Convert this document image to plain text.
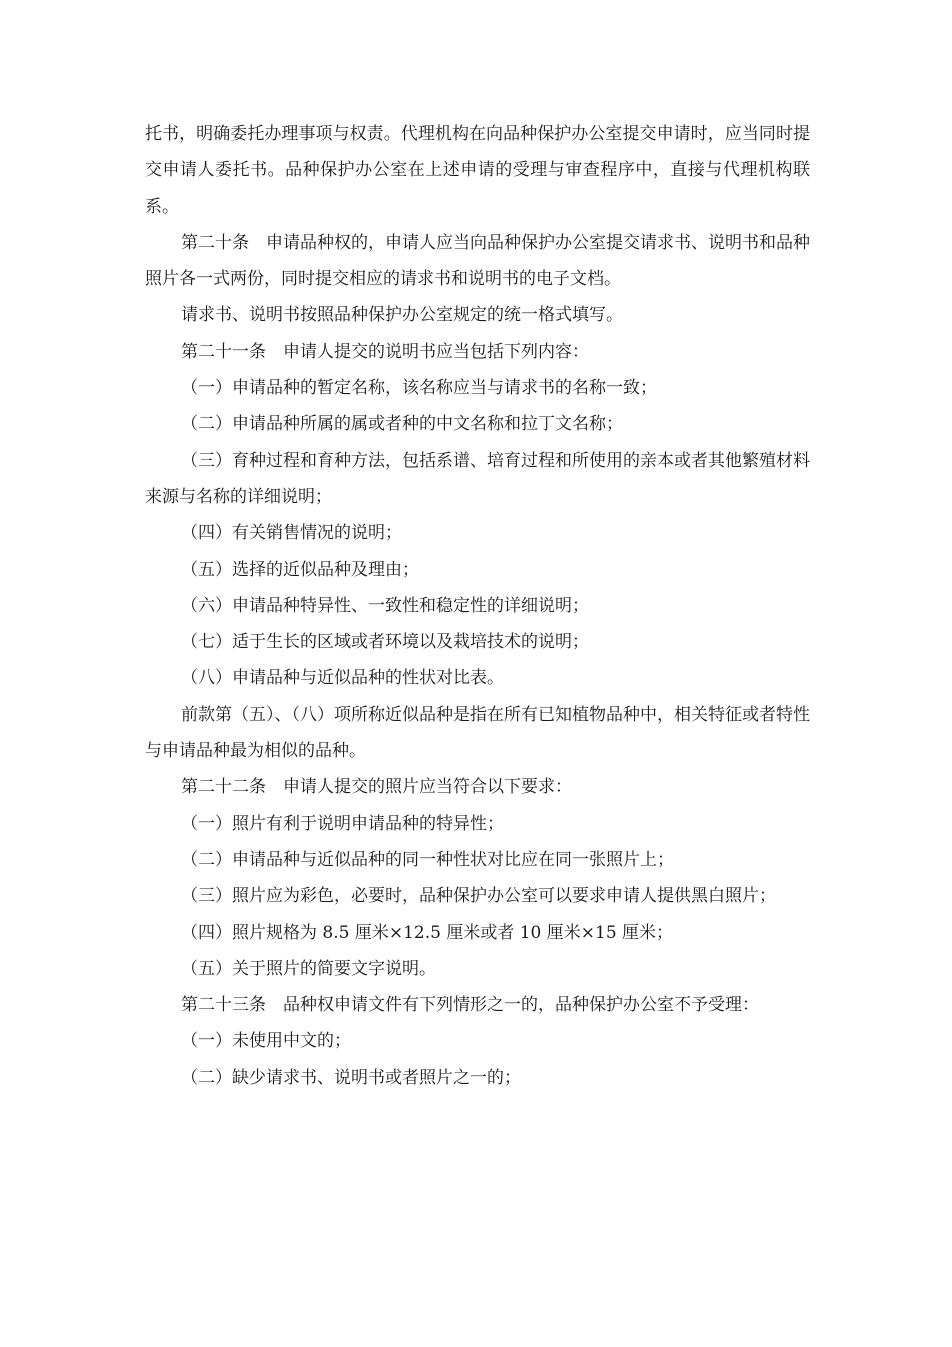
托书，明确委托办理事项与权责。代理机构在向品种保护办公室提交申请时，应当同时提交申请人委托书。品种保护办公室在上述申请的受理与审查程序中，直接与代理机构联系。

第二十条　申请品种权的，申请人应当向品种保护办公室提交请求书、说明书和品种照片各一式两份，同时提交相应的请求书和说明书的电子文档。

请求书、说明书按照品种保护办公室规定的统一格式填写。

第二十一条　申请人提交的说明书应当包括下列内容：

（一）申请品种的暂定名称，该名称应当与请求书的名称一致；

（二）申请品种所属的属或者种的中文名称和拉丁文名称；

（三）育种过程和育种方法，包括系谱、培育过程和所使用的亲本或者其他繁殖材料来源与名称的详细说明；

（四）有关销售情况的说明；

（五）选择的近似品种及理由；

（六）申请品种特异性、一致性和稳定性的详细说明；

（七）适于生长的区域或者环境以及栽培技术的说明；

（八）申请品种与近似品种的性状对比表。

前款第（五）、（八）项所称近似品种是指在所有已知植物品种中，相关特征或者特性与申请品种最为相似的品种。

第二十二条　申请人提交的照片应当符合以下要求：

（一）照片有利于说明申请品种的特异性；

（二）申请品种与近似品种的同一种性状对比应在同一张照片上；

（三）照片应为彩色，必要时，品种保护办公室可以要求申请人提供黑白照片；

（四）照片规格为 8.5 厘米×12.5 厘米或者 10 厘米×15 厘米；

（五）关于照片的简要文字说明。

第二十三条　品种权申请文件有下列情形之一的，品种保护办公室不予受理：

（一）未使用中文的；

（二）缺少请求书、说明书或者照片之一的；
